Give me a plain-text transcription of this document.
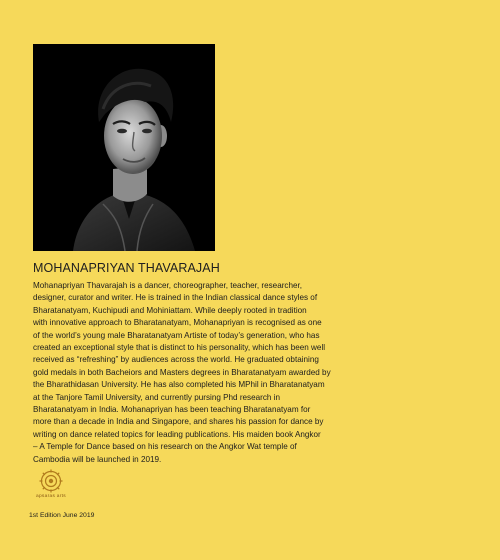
MOHANAPRIYAN THAVARAJAH
Mohanapriyan Thavarajah is a dancer, choreographer, teacher, researcher,
designer, curator and writer. He is trained in the Indian classical dance styles of
Bharatanatyam, Kuchipudi and Mohiniattam. While deeply rooted in tradition
with innovative approach to Bharatanatyam, Mohanapriyan is recognised as one
of the world’s young male Bharatanatyam Artiste of today’s generation, who has
created an exceptional style that is distinct to his personality, which has been well
received as “refreshing” by audiences across the world. He graduated obtaining
gold medals in both Bacheiors and Masters degrees in Bharatanatyam awarded by
the Bharathidasan University. He has also completed his MPhil in Bharatanatyam
at the Tanjore Tamil University, and currently pursing Phd research in
Bharatanatyam in India. Mohanapriyan has been teaching Bharatanatyam for
more than a decade in India and Singapore, and shares his passion for dance by
writing on dance related topics for leading publications. His maiden book Angkor
– A Temple for Dance based on his research on the Angkor Wat temple of
Cambodia will be launched in 2019.
apsaras arts
1st Edition June 2019
